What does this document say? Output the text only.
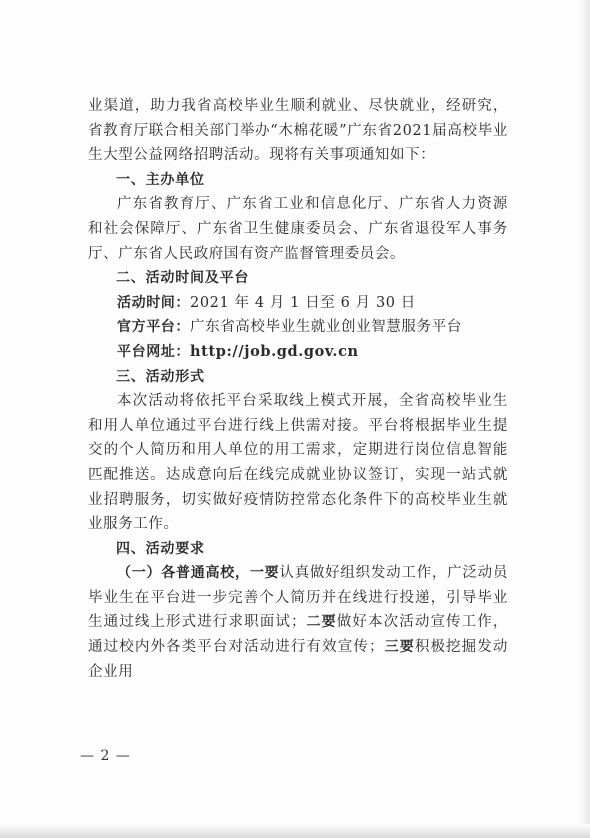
业渠道，助力我省高校毕业生顺利就业、尽快就业，经研究，省教育厅联合相关部门举办“木棉花暖”广东省2021届高校毕业生大型公益网络招聘活动。现将有关事项通知如下：

一、主办单位

广东省教育厅、广东省工业和信息化厅、广东省人力资源和社会保障厅、广东省卫生健康委员会、广东省退役军人事务厅、广东省人民政府国有资产监督管理委员会。

二、活动时间及平台

活动时间：2021 年 4 月 1 日至 6 月 30 日

官方平台：广东省高校毕业生就业创业智慧服务平台

平台网址：http://job.gd.gov.cn

三、活动形式

本次活动将依托平台采取线上模式开展，全省高校毕业生和用人单位通过平台进行线上供需对接。平台将根据毕业生提交的个人简历和用人单位的用工需求，定期进行岗位信息智能匹配推送。达成意向后在线完成就业协议签订，实现一站式就业招聘服务，切实做好疫情防控常态化条件下的高校毕业生就业服务工作。

四、活动要求

（一）各普通高校，一要认真做好组织发动工作，广泛动员毕业生在平台进一步完善个人简历并在线进行投递，引导毕业生通过线上形式进行求职面试；二要做好本次活动宣传工作，通过校内外各类平台对活动进行有效宣传；三要积极挖掘发动企业用

— 2 —
